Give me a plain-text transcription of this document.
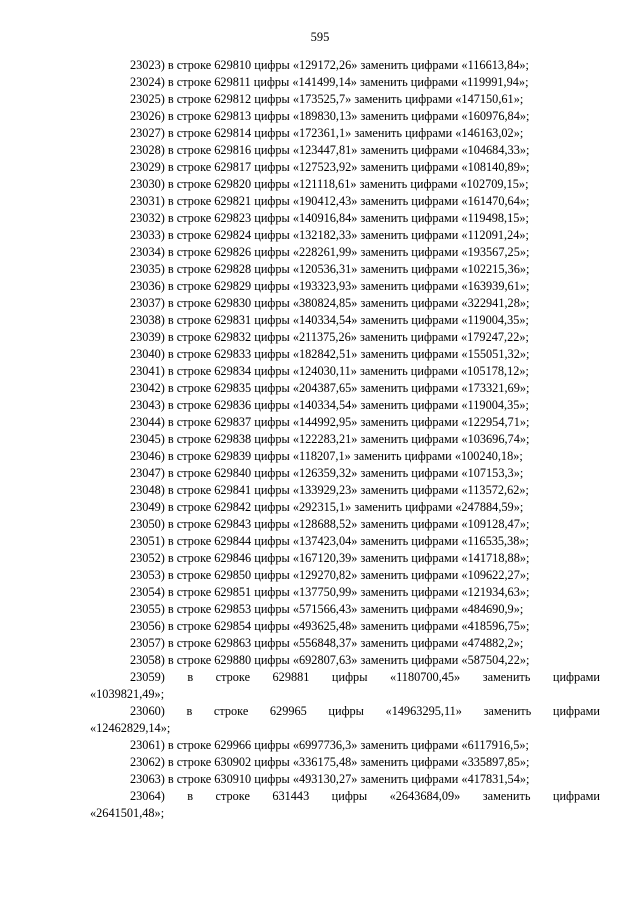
595
23023) в строке 629810 цифры «129172,26» заменить цифрами «116613,84»;
23024) в строке 629811 цифры «141499,14» заменить цифрами «119991,94»;
23025) в строке 629812 цифры «173525,7» заменить цифрами «147150,61»;
23026) в строке 629813 цифры «189830,13» заменить цифрами «160976,84»;
23027) в строке 629814 цифры «172361,1» заменить цифрами «146163,02»;
23028) в строке 629816 цифры «123447,81» заменить цифрами «104684,33»;
23029) в строке 629817 цифры «127523,92» заменить цифрами «108140,89»;
23030) в строке 629820 цифры «121118,61» заменить цифрами «102709,15»;
23031) в строке 629821 цифры «190412,43» заменить цифрами «161470,64»;
23032) в строке 629823 цифры «140916,84» заменить цифрами «119498,15»;
23033) в строке 629824 цифры «132182,33» заменить цифрами «112091,24»;
23034) в строке 629826 цифры «228261,99» заменить цифрами «193567,25»;
23035) в строке 629828 цифры «120536,31» заменить цифрами «102215,36»;
23036) в строке 629829 цифры «193323,93» заменить цифрами «163939,61»;
23037) в строке 629830 цифры «380824,85» заменить цифрами «322941,28»;
23038) в строке 629831 цифры «140334,54» заменить цифрами «119004,35»;
23039) в строке 629832 цифры «211375,26» заменить цифрами «179247,22»;
23040) в строке 629833 цифры «182842,51» заменить цифрами «155051,32»;
23041) в строке 629834 цифры «124030,11» заменить цифрами «105178,12»;
23042) в строке 629835 цифры «204387,65» заменить цифрами «173321,69»;
23043) в строке 629836 цифры «140334,54» заменить цифрами «119004,35»;
23044) в строке 629837 цифры «144992,95» заменить цифрами «122954,71»;
23045) в строке 629838 цифры «122283,21» заменить цифрами «103696,74»;
23046) в строке 629839 цифры «118207,1» заменить цифрами «100240,18»;
23047) в строке 629840 цифры «126359,32» заменить цифрами «107153,3»;
23048) в строке 629841 цифры «133929,23» заменить цифрами «113572,62»;
23049) в строке 629842 цифры «292315,1» заменить цифрами «247884,59»;
23050) в строке 629843 цифры «128688,52» заменить цифрами «109128,47»;
23051) в строке 629844 цифры «137423,04» заменить цифрами «116535,38»;
23052) в строке 629846 цифры «167120,39» заменить цифрами «141718,88»;
23053) в строке 629850 цифры «129270,82» заменить цифрами «109622,27»;
23054) в строке 629851 цифры «137750,99» заменить цифрами «121934,63»;
23055) в строке 629853 цифры «571566,43» заменить цифрами «484690,9»;
23056) в строке 629854 цифры «493625,48» заменить цифрами «418596,75»;
23057) в строке 629863 цифры «556848,37» заменить цифрами «474882,2»;
23058) в строке 629880 цифры «692807,63» заменить цифрами «587504,22»;
23059) в строке 629881 цифры «1180700,45» заменить цифрами
«1039821,49»;
23060) в строке 629965 цифры «14963295,11» заменить цифрами
«12462829,14»;
23061) в строке 629966 цифры «6997736,3» заменить цифрами «6117916,5»;
23062) в строке 630902 цифры «336175,48» заменить цифрами «335897,85»;
23063) в строке 630910 цифры «493130,27» заменить цифрами «417831,54»;
23064) в строке 631443 цифры «2643684,09» заменить цифрами
«2641501,48»;
